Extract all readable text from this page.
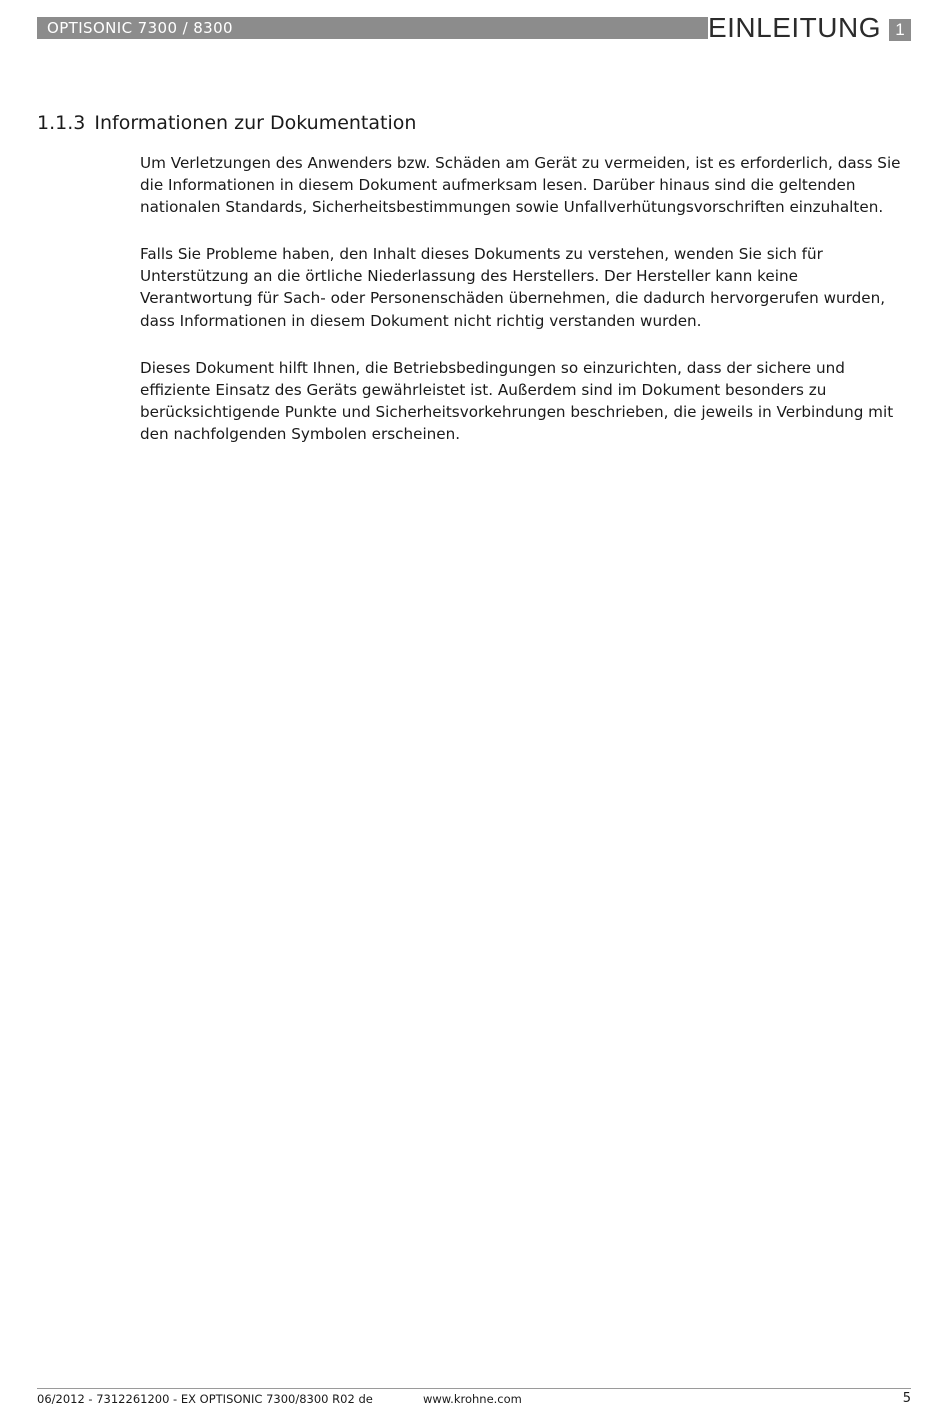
OPTISONIC 7300 / 8300	EINLEITUNG 1
1.1.3 Informationen zur Dokumentation

Um Verletzungen des Anwenders bzw. Schäden am Gerät zu vermeiden, ist es erforderlich, dass Sie die Informationen in diesem Dokument aufmerksam lesen. Darüber hinaus sind die geltenden nationalen Standards, Sicherheitsbestimmungen sowie Unfallverhütungsvorschriften einzuhalten.

Falls Sie Probleme haben, den Inhalt dieses Dokuments zu verstehen, wenden Sie sich für Unterstützung an die örtliche Niederlassung des Herstellers. Der Hersteller kann keine Verantwortung für Sach- oder Personenschäden übernehmen, die dadurch hervorgerufen wurden, dass Informationen in diesem Dokument nicht richtig verstanden wurden.

Dieses Dokument hilft Ihnen, die Betriebsbedingungen so einzurichten, dass der sichere und effiziente Einsatz des Geräts gewährleistet ist. Außerdem sind im Dokument besonders zu berücksichtigende Punkte und Sicherheitsvorkehrungen beschrieben, die jeweils in Verbindung mit den nachfolgenden Symbolen erscheinen.

06/2012 - 7312261200 - EX OPTISONIC 7300/8300 R02 de	www.krohne.com	5
